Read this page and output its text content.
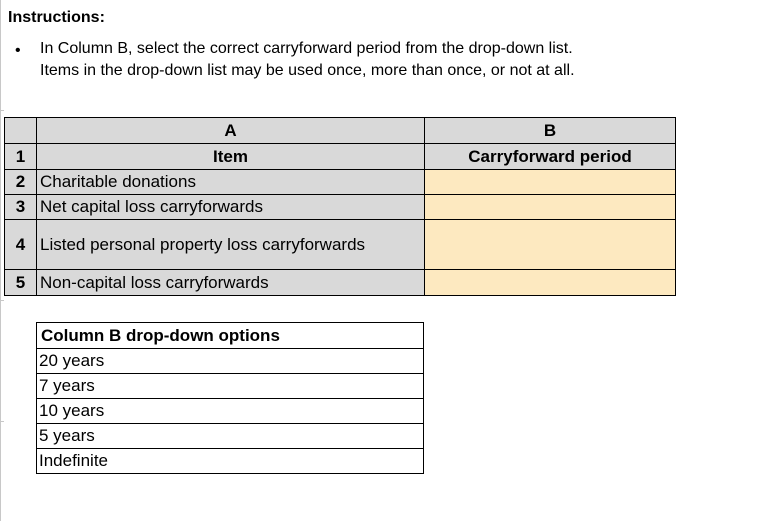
Instructions:
• In Column B, select the correct carryforward period from the drop-down list.
Items in the drop-down list may be used once, more than once, or not at all.
	A	B
1	Item	Carryforward period
2	Charitable donations	
3	Net capital loss carryforwards	
4	Listed personal property loss carryforwards	
5	Non-capital loss carryforwards	
Column B drop-down options
20 years
7 years
10 years
5 years
Indefinite
